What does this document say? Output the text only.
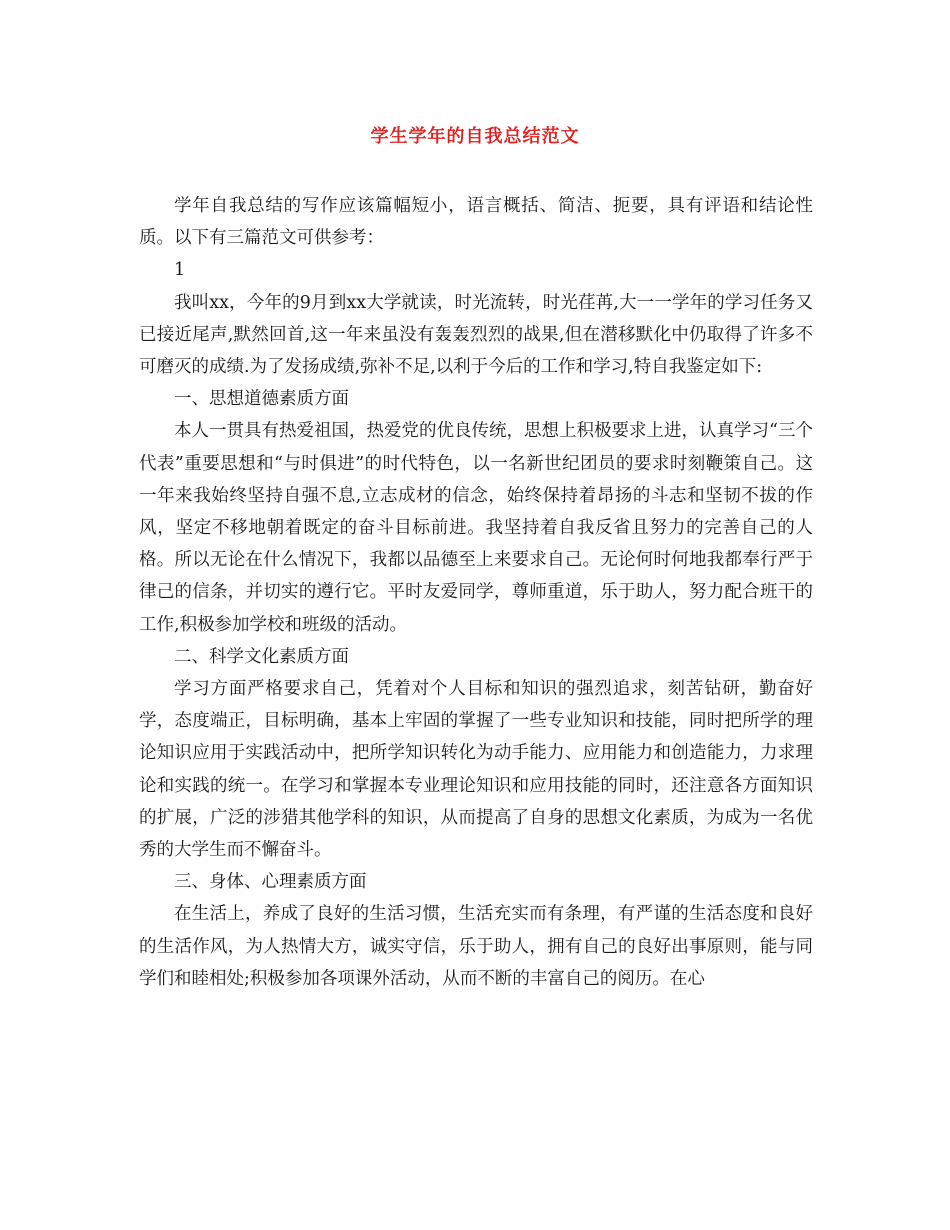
学生学年的自我总结范文

学年自我总结的写作应该篇幅短小，语言概括、简洁、扼要，具有评语和结论性质。以下有三篇范文可供参考：

1

我叫xx，今年的9月到xx大学就读，时光流转，时光荏苒,大一一学年的学习任务又已接近尾声,默然回首,这一年来虽没有轰轰烈烈的战果,但在潜移默化中仍取得了许多不可磨灭的成绩.为了发扬成绩,弥补不足,以利于今后的工作和学习,特自我鉴定如下:

一、思想道德素质方面

本人一贯具有热爱祖国，热爱党的优良传统，思想上积极要求上进，认真学习“三个代表”重要思想和“与时俱进”的时代特色，以一名新世纪团员的要求时刻鞭策自己。这一年来我始终坚持自强不息,立志成材的信念，始终保持着昂扬的斗志和坚韧不拔的作风，坚定不移地朝着既定的奋斗目标前进。我坚持着自我反省且努力的完善自己的人格。所以无论在什么情况下，我都以品德至上来要求自己。无论何时何地我都奉行严于律己的信条，并切实的遵行它。平时友爱同学，尊师重道，乐于助人，努力配合班干的工作,积极参加学校和班级的活动。

二、科学文化素质方面

学习方面严格要求自己，凭着对个人目标和知识的强烈追求，刻苦钻研，勤奋好学，态度端正，目标明确，基本上牢固的掌握了一些专业知识和技能，同时把所学的理论知识应用于实践活动中，把所学知识转化为动手能力、应用能力和创造能力，力求理论和实践的统一。在学习和掌握本专业理论知识和应用技能的同时，还注意各方面知识的扩展，广泛的涉猎其他学科的知识，从而提高了自身的思想文化素质，为成为一名优秀的大学生而不懈奋斗。

三、身体、心理素质方面

在生活上，养成了良好的生活习惯，生活充实而有条理，有严谨的生活态度和良好的生活作风，为人热情大方，诚实守信，乐于助人，拥有自己的良好出事原则，能与同学们和睦相处;积极参加各项课外活动，从而不断的丰富自己的阅历。在心
